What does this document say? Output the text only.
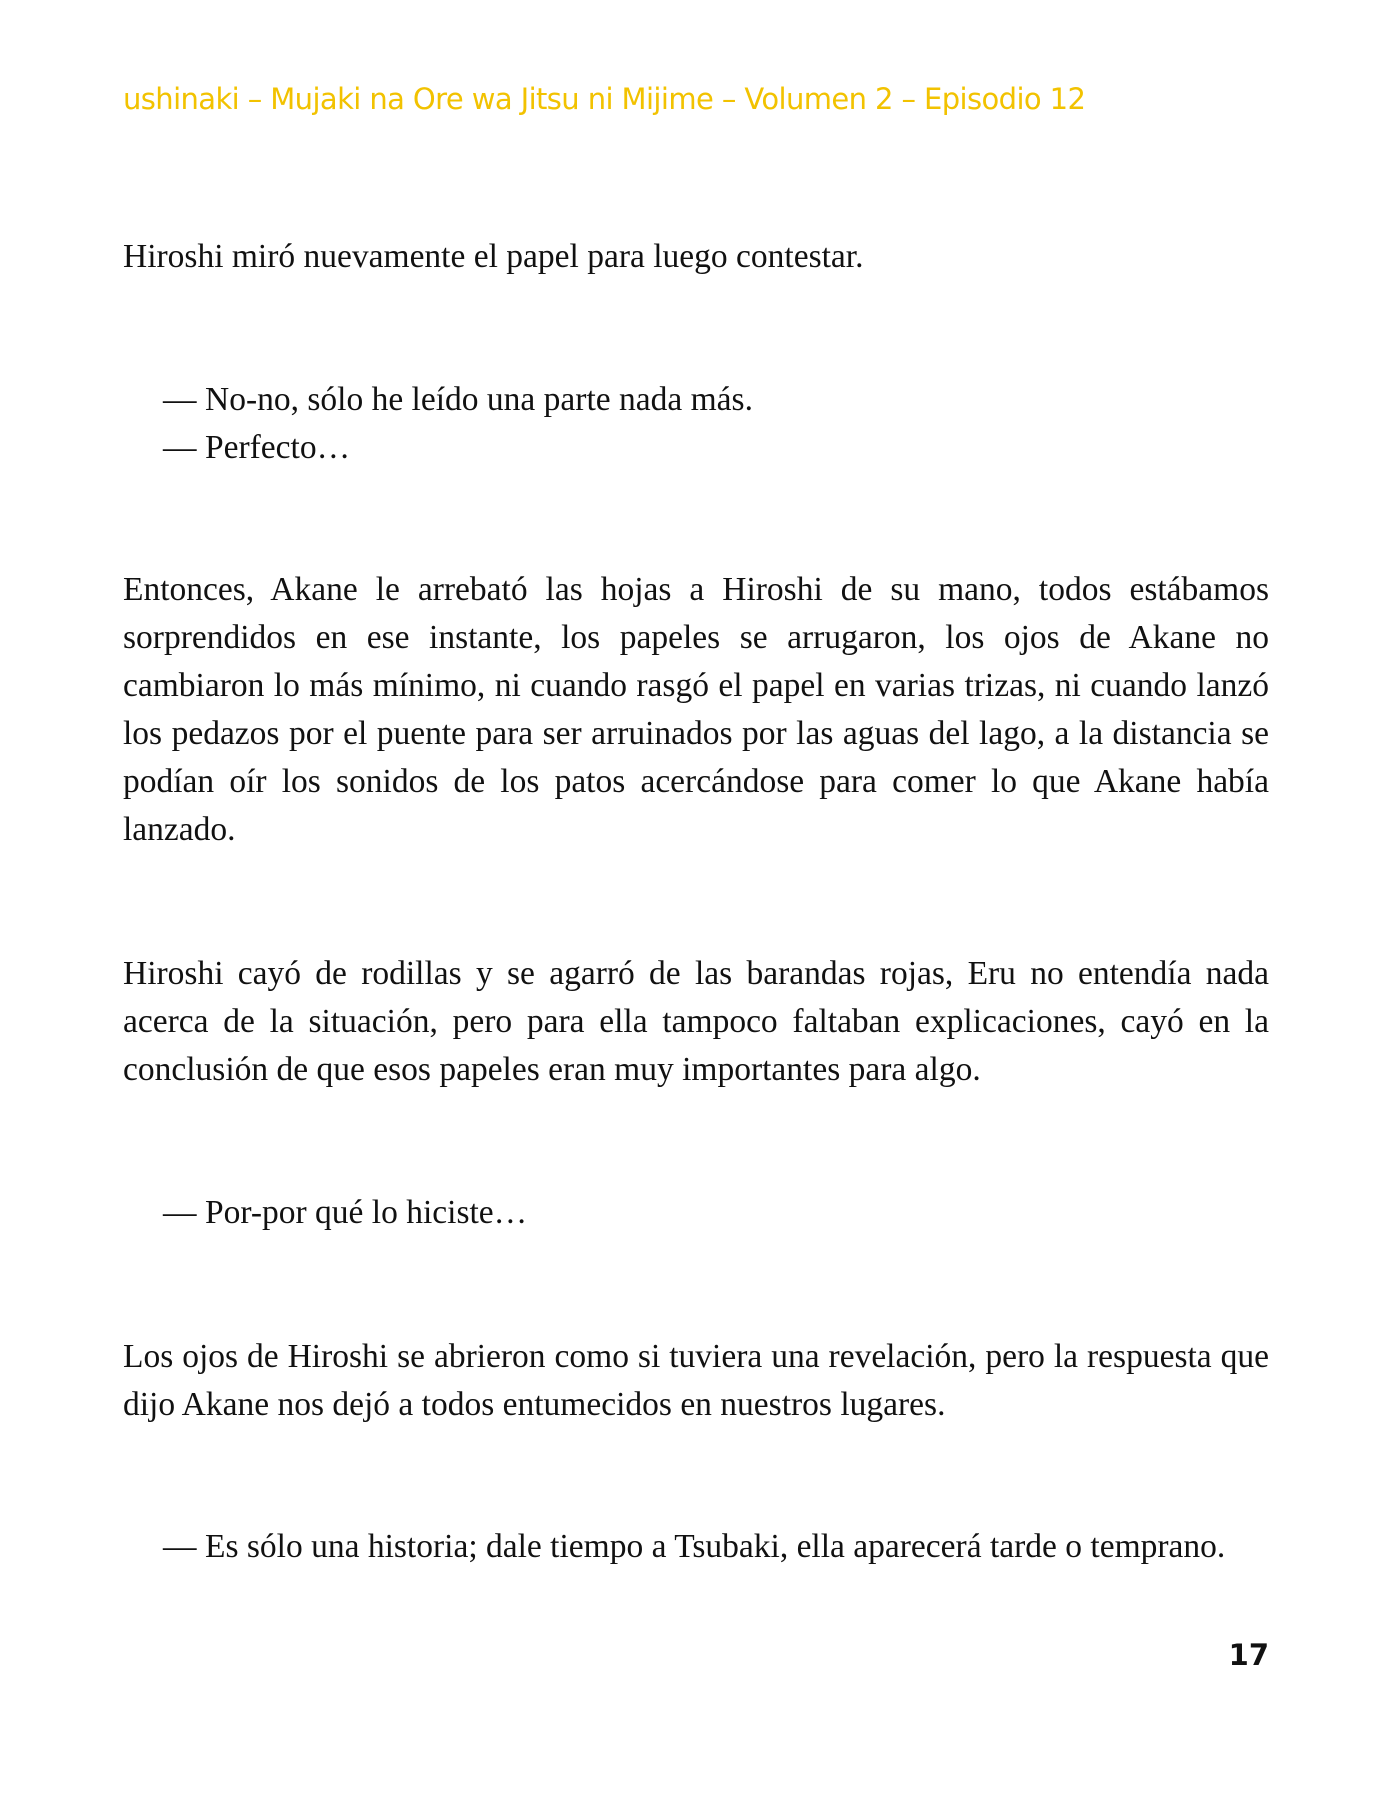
ushinaki – Mujaki na Ore wa Jitsu ni Mijime – Volumen 2 – Episodio 12

Hiroshi miró nuevamente el papel para luego contestar.

— No-no, sólo he leído una parte nada más.

— Perfecto…

Entonces, Akane le arrebató las hojas a Hiroshi de su mano, todos estábamos sorprendidos en ese instante, los papeles se arrugaron, los ojos de Akane no cambiaron lo más mínimo, ni cuando rasgó el papel en varias trizas, ni cuando lanzó los pedazos por el puente para ser arruinados por las aguas del lago, a la distancia se podían oír los sonidos de los patos acercándose para comer lo que Akane había lanzado.

Hiroshi cayó de rodillas y se agarró de las barandas rojas, Eru no entendía nada acerca de la situación, pero para ella tampoco faltaban explicaciones, cayó en la conclusión de que esos papeles eran muy importantes para algo.

— Por-por qué lo hiciste…

Los ojos de Hiroshi se abrieron como si tuviera una revelación, pero la respuesta que dijo Akane nos dejó a todos entumecidos en nuestros lugares.

— Es sólo una historia; dale tiempo a Tsubaki, ella aparecerá tarde o temprano.

17
